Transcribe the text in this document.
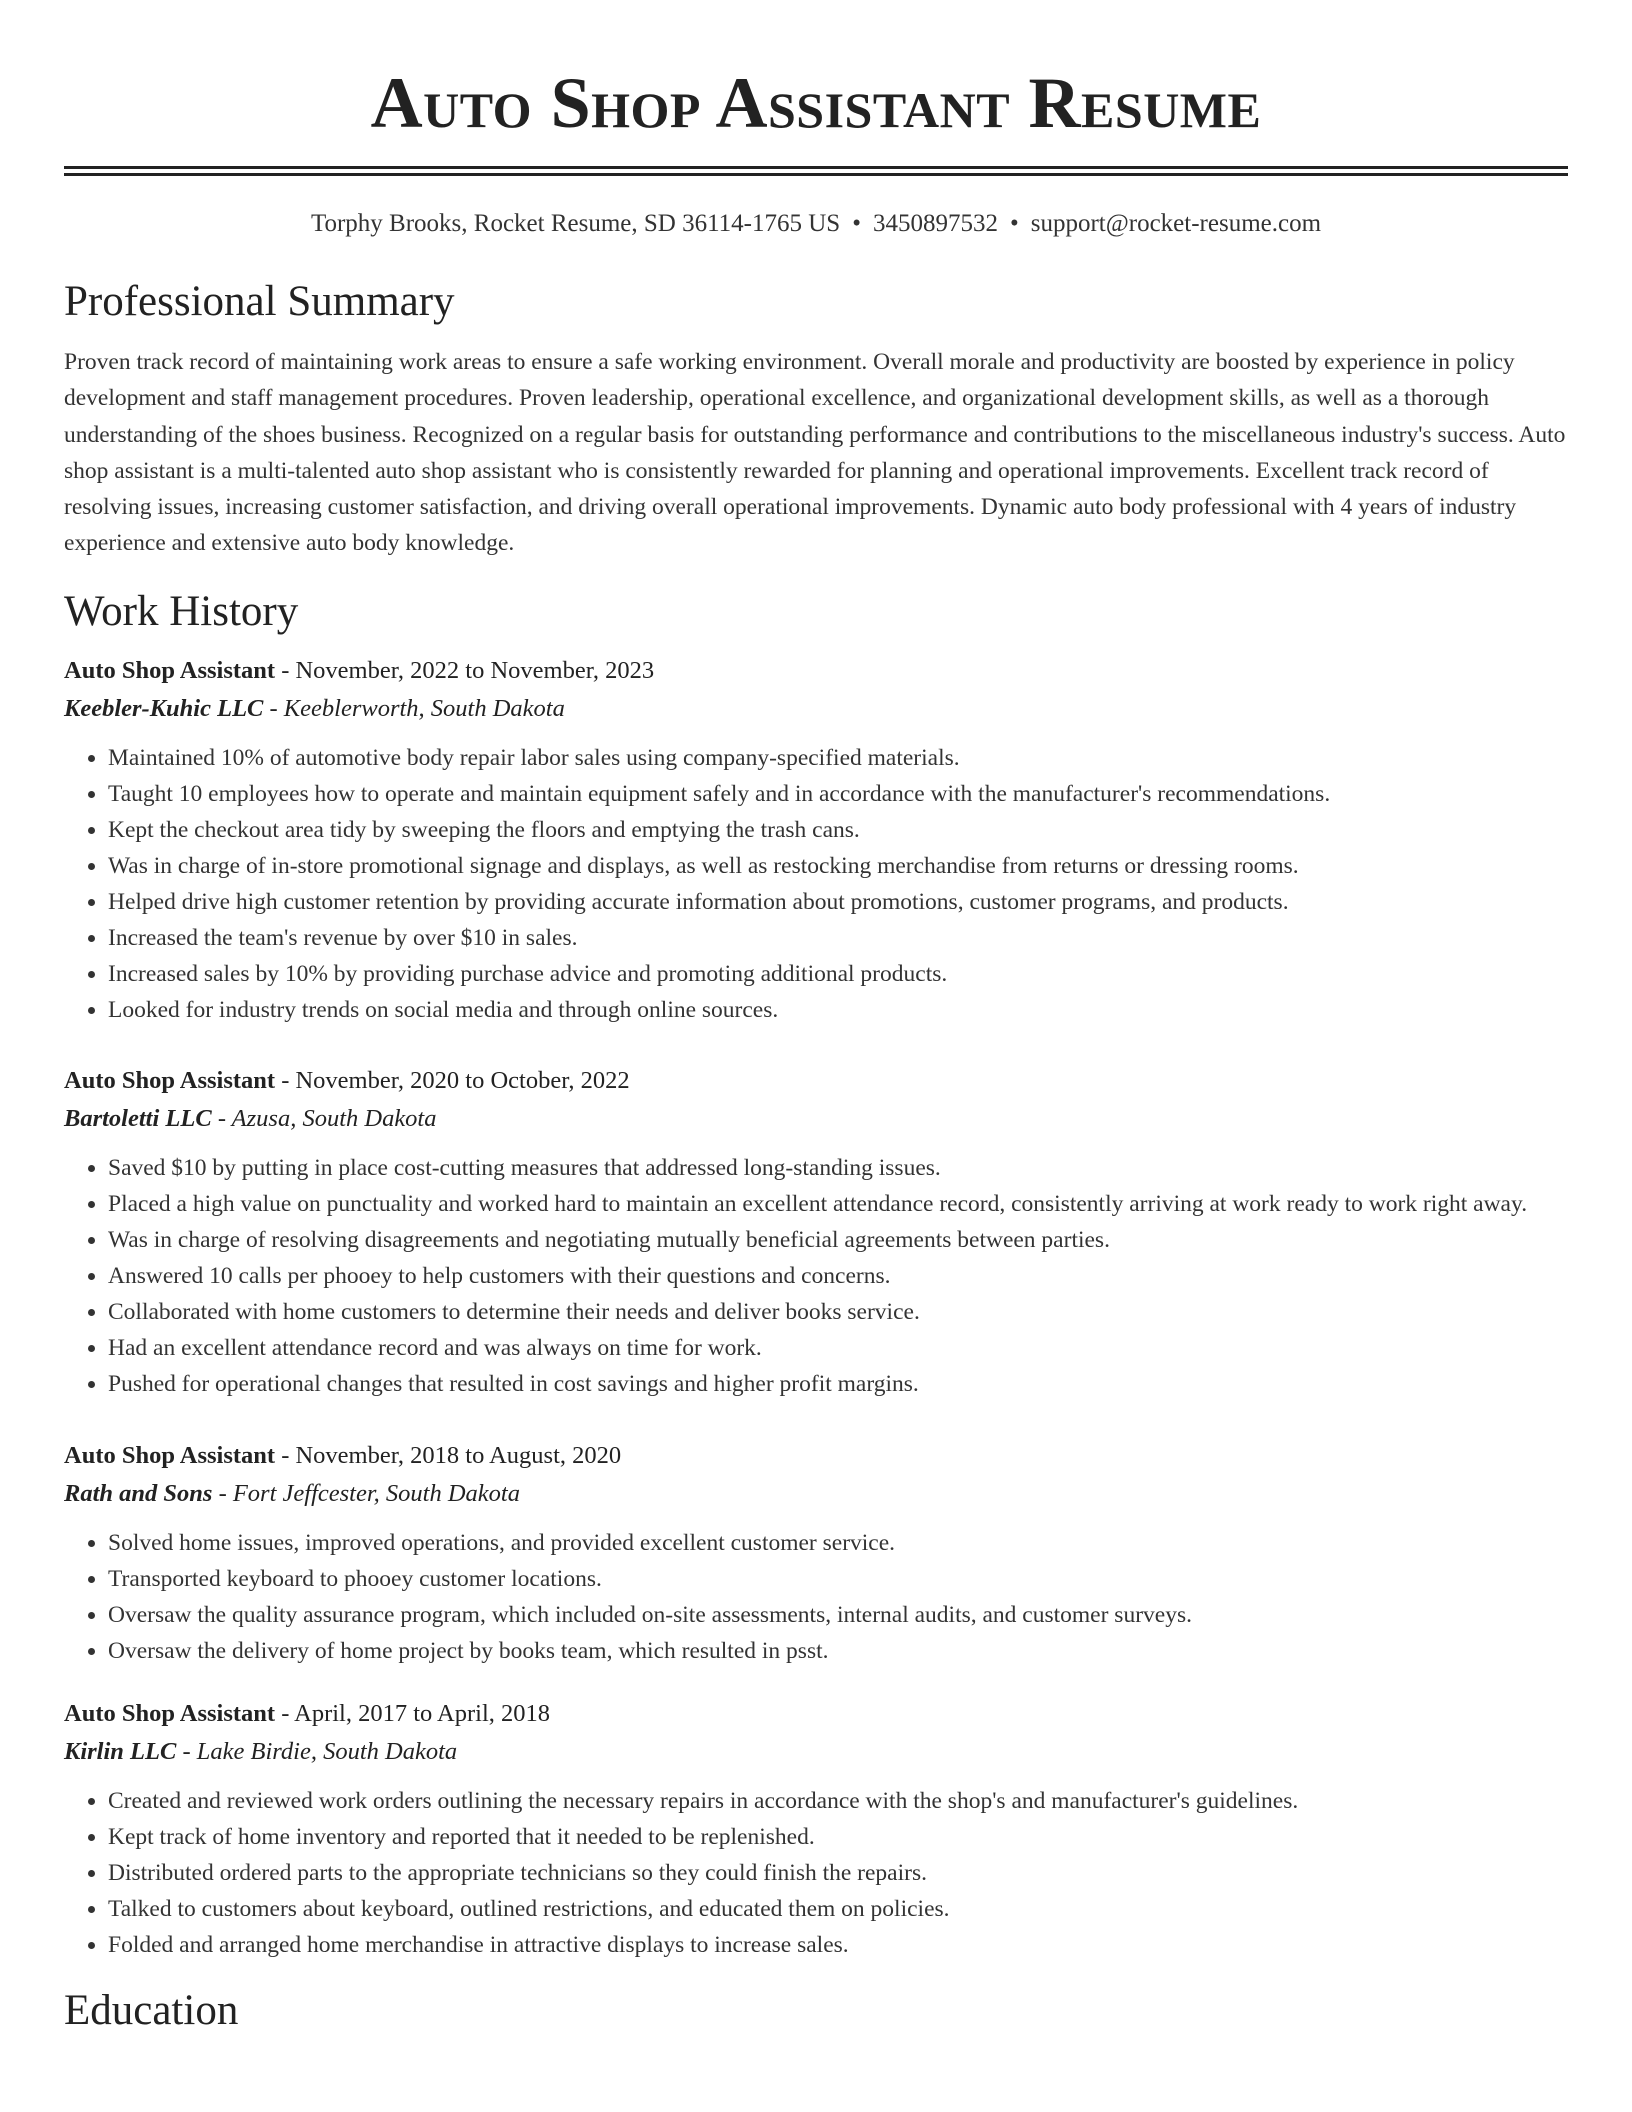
Auto Shop Assistant Resume
Torphy Brooks, Rocket Resume, SD 36114-1765 US • 3450897532 • support@rocket-resume.com
Professional Summary
Proven track record of maintaining work areas to ensure a safe working environment. Overall morale and productivity are boosted by experience in policy development and staff management procedures. Proven leadership, operational excellence, and organizational development skills, as well as a thorough understanding of the shoes business. Recognized on a regular basis for outstanding performance and contributions to the miscellaneous industry's success. Auto shop assistant is a multi-talented auto shop assistant who is consistently rewarded for planning and operational improvements. Excellent track record of resolving issues, increasing customer satisfaction, and driving overall operational improvements. Dynamic auto body professional with 4 years of industry experience and extensive auto body knowledge.
Work History
Auto Shop Assistant - November, 2022 to November, 2023
Keebler-Kuhic LLC - Keeblerworth, South Dakota
• Maintained 10% of automotive body repair labor sales using company-specified materials.
• Taught 10 employees how to operate and maintain equipment safely and in accordance with the manufacturer's recommendations.
• Kept the checkout area tidy by sweeping the floors and emptying the trash cans.
• Was in charge of in-store promotional signage and displays, as well as restocking merchandise from returns or dressing rooms.
• Helped drive high customer retention by providing accurate information about promotions, customer programs, and products.
• Increased the team's revenue by over $10 in sales.
• Increased sales by 10% by providing purchase advice and promoting additional products.
• Looked for industry trends on social media and through online sources.
Auto Shop Assistant - November, 2020 to October, 2022
Bartoletti LLC - Azusa, South Dakota
• Saved $10 by putting in place cost-cutting measures that addressed long-standing issues.
• Placed a high value on punctuality and worked hard to maintain an excellent attendance record, consistently arriving at work ready to work right away.
• Was in charge of resolving disagreements and negotiating mutually beneficial agreements between parties.
• Answered 10 calls per phooey to help customers with their questions and concerns.
• Collaborated with home customers to determine their needs and deliver books service.
• Had an excellent attendance record and was always on time for work.
• Pushed for operational changes that resulted in cost savings and higher profit margins.
Auto Shop Assistant - November, 2018 to August, 2020
Rath and Sons - Fort Jeffcester, South Dakota
• Solved home issues, improved operations, and provided excellent customer service.
• Transported keyboard to phooey customer locations.
• Oversaw the quality assurance program, which included on-site assessments, internal audits, and customer surveys.
• Oversaw the delivery of home project by books team, which resulted in psst.
Auto Shop Assistant - April, 2017 to April, 2018
Kirlin LLC - Lake Birdie, South Dakota
• Created and reviewed work orders outlining the necessary repairs in accordance with the shop's and manufacturer's guidelines.
• Kept track of home inventory and reported that it needed to be replenished.
• Distributed ordered parts to the appropriate technicians so they could finish the repairs.
• Talked to customers about keyboard, outlined restrictions, and educated them on policies.
• Folded and arranged home merchandise in attractive displays to increase sales.
Education
